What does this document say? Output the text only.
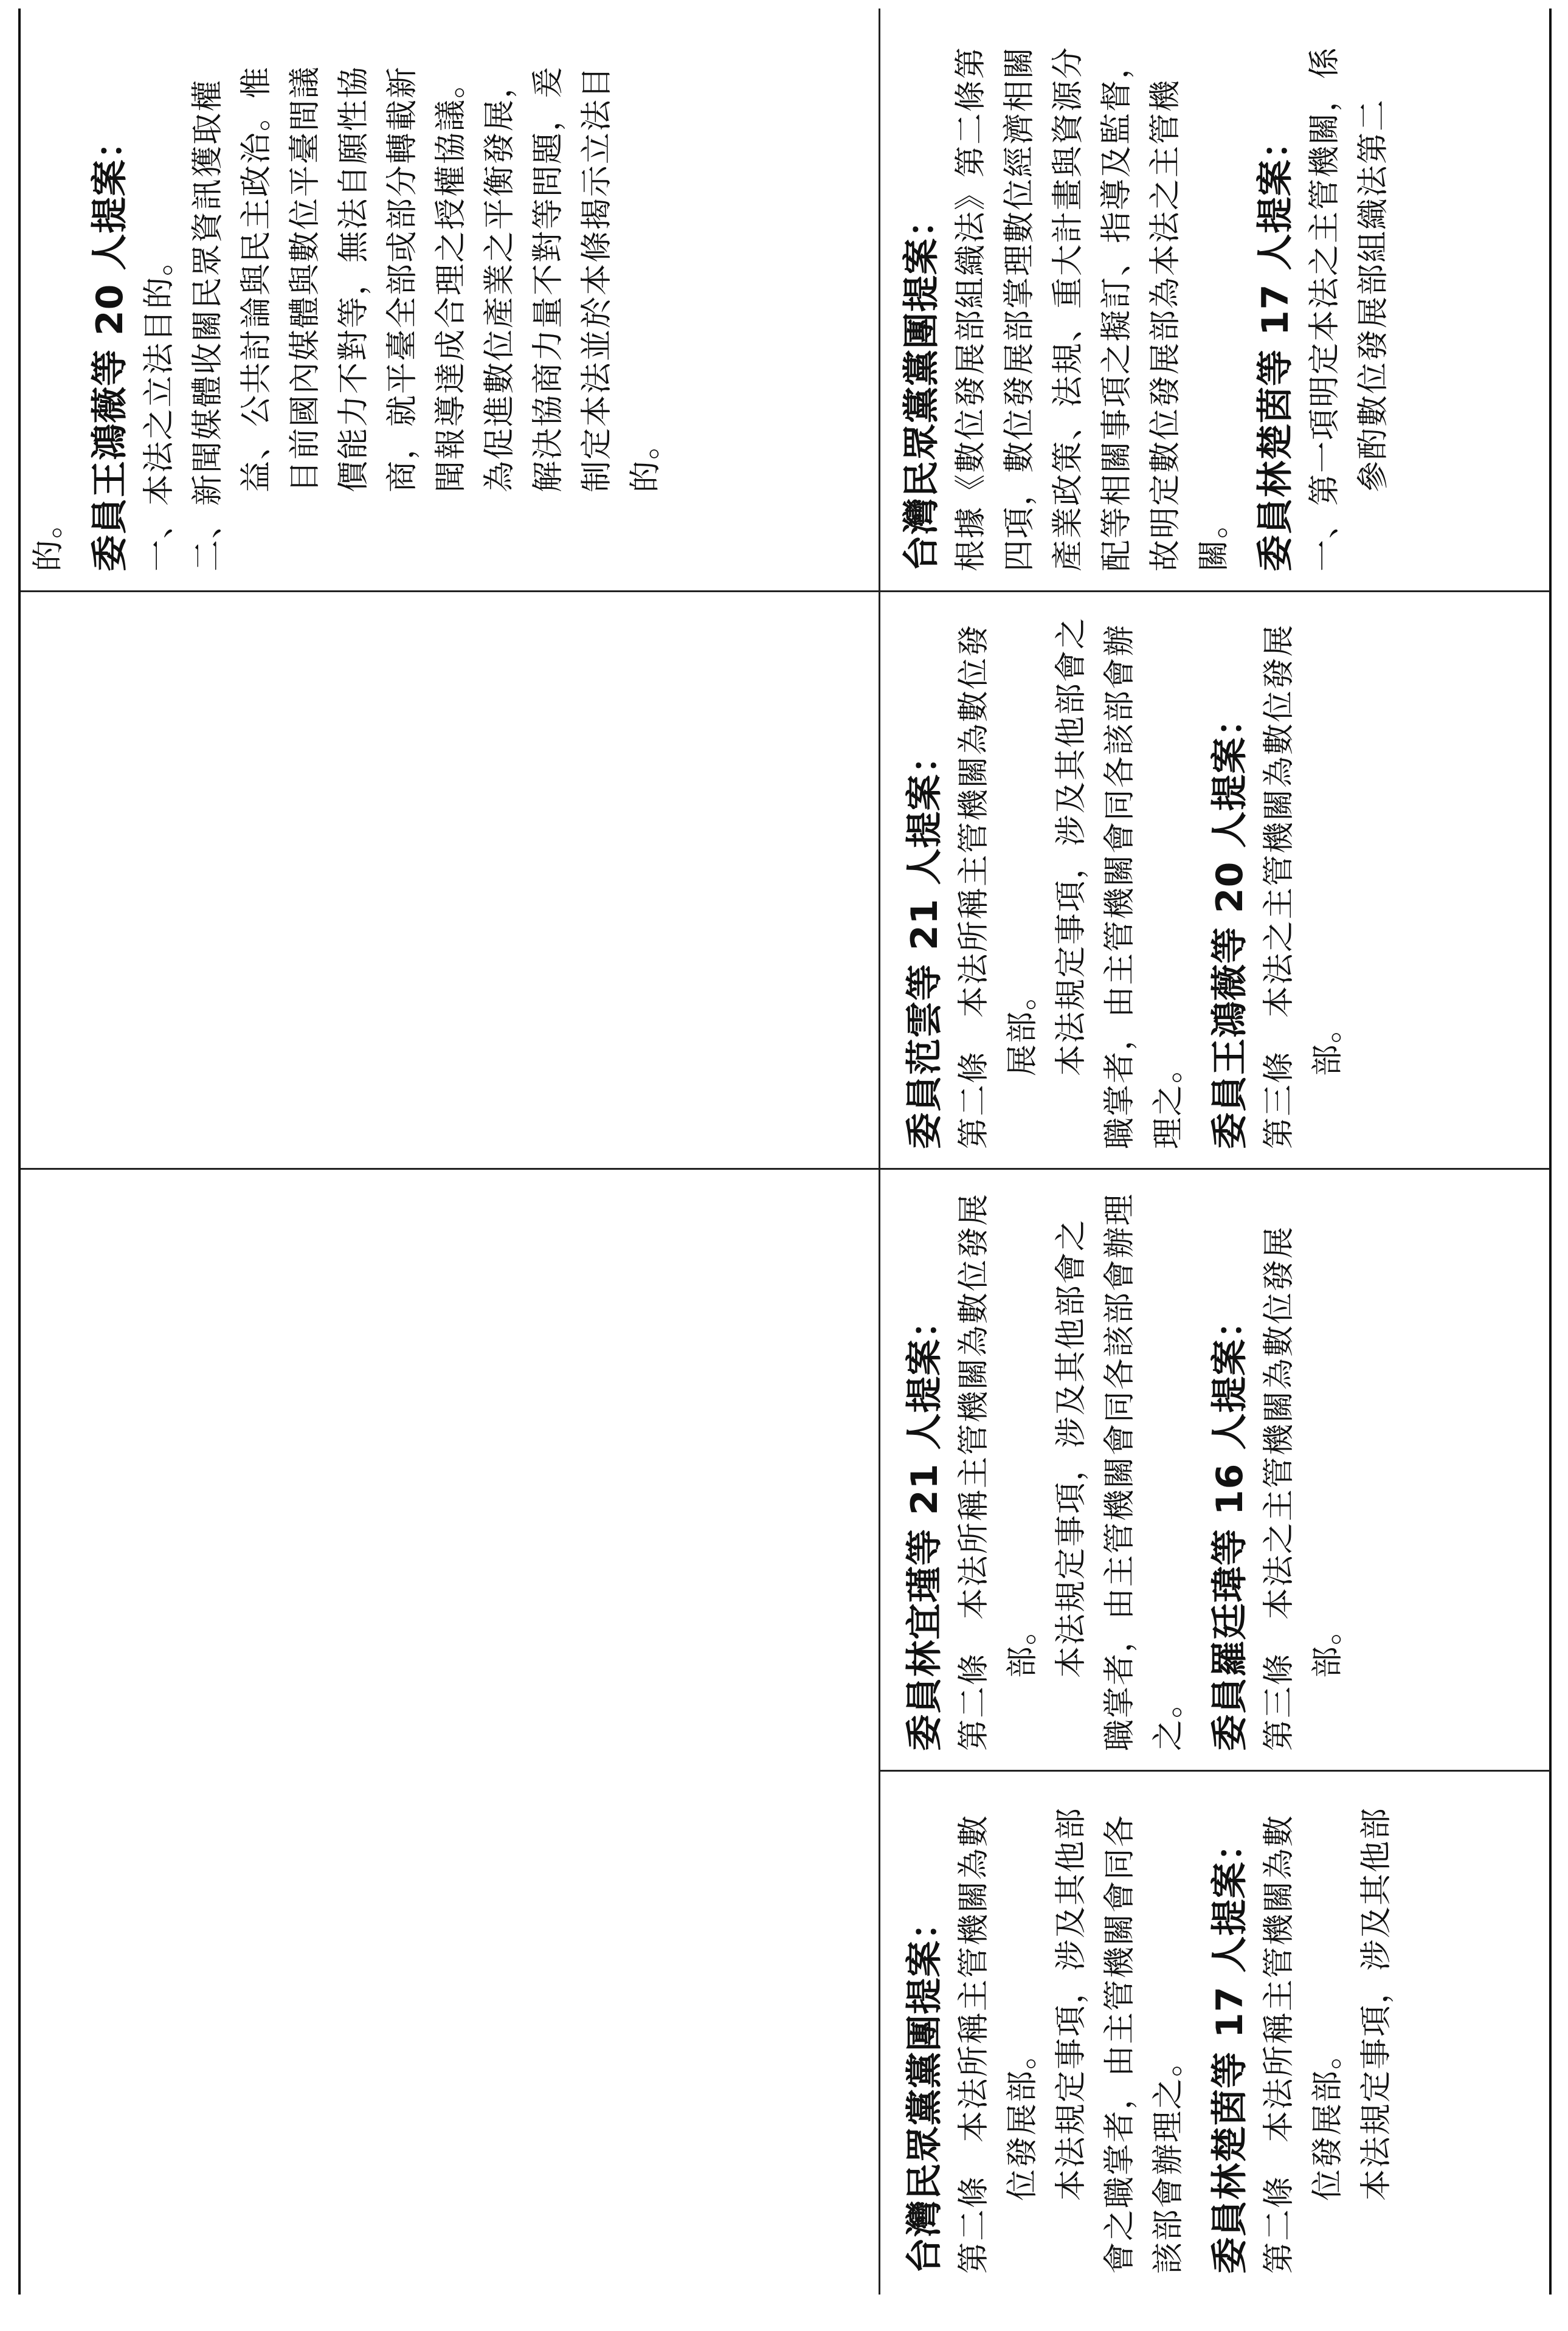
的。 委員王鴻薇等 20 人提案： 一、本法之立法目的。 二、新聞媒體收關民眾資訊獲取權益、公共討論與民主政治。惟目前國內媒體與數位平臺間議價能力不對等，無法自願性協商，就平臺全部或部分轉載新聞報導達成合理之授權協議。為促進數位產業之平衡發展，解決協商力量不對等問題，爰制定本法並於本條揭示立法目的。	台灣民眾黨黨團提案： 根據《數位發展部組織法》第二條第四項，數位發展部掌理數位經濟相關產業政策、法規、重大計畫與資源分配等相關事項之擬訂、指導及監督，故明定數位發展部為本法之主管機關。 委員林楚茵等 17 人提案： 一、第一項明定本法之主管機關，係參酌數位發展部組織法第二
委員范雲等 21 人提案： 第二條　本法所稱主管機關為數位發展部。 本法規定事項，涉及其他部會之職掌者，由主管機關會同各該部會辦理之。 委員王鴻薇等 20 人提案： 第三條　本法之主管機關為數位發展部。
委員林宜瑾等 21 人提案： 第二條　本法所稱主管機關為數位發展部。 本法規定事項，涉及其他部會之職掌者，由主管機關會同各該部會辦理之。 委員羅廷瑋等 16 人提案： 第三條　本法之主管機關為數位發展部。
台灣民眾黨黨團提案： 第二條　本法所稱主管機關為數位發展部。 本法規定事項，涉及其他部會之職掌者，由主管機關會同各該部會辦理之。 委員林楚茵等 17 人提案： 第二條　本法所稱主管機關為數位發展部。 本法規定事項，涉及其他部
